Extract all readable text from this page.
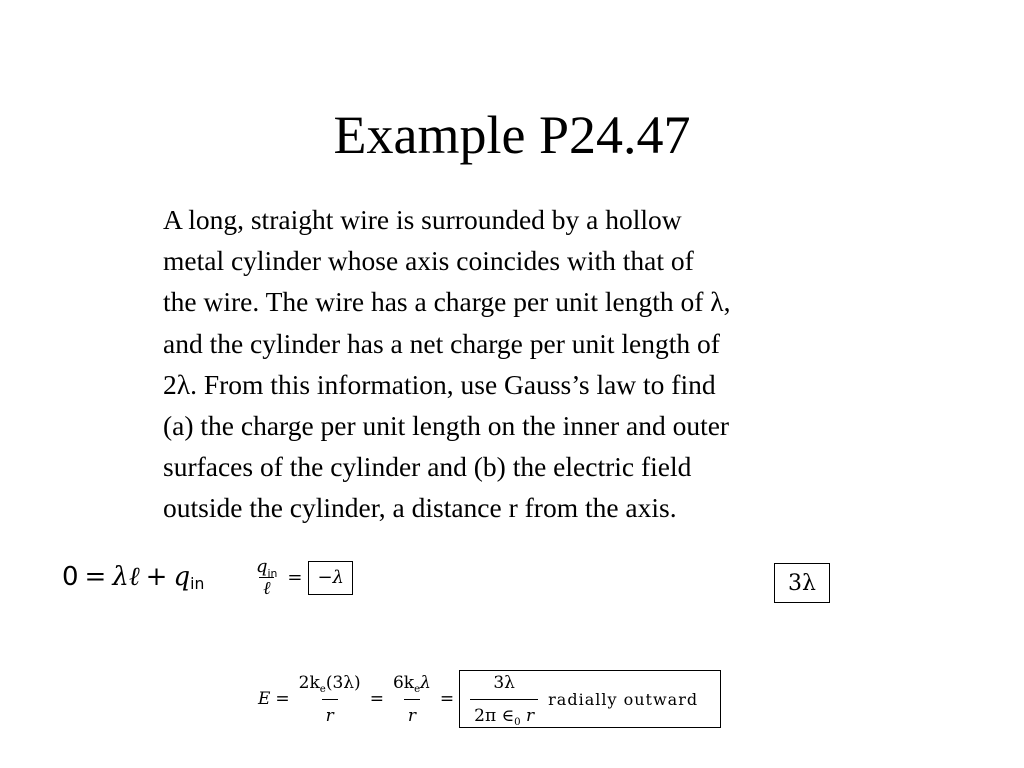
Example P24.47
A long, straight wire is surrounded by a hollow
metal cylinder whose axis coincides with that of
the wire. The wire has a charge per unit length of λ,
and the cylinder has a net charge per unit length of
2λ. From this information, use Gauss’s law to find
(a) the charge per unit length on the inner and outer
surfaces of the cylinder and (b) the electric field
outside the cylinder, a distance r from the axis.
0 = λ ℓ + q in	$\frac{q_{in}}{\text{ℓ}} = -\lambda$	3λ
$E = \frac{2k_e(3\lambda)}{r} = \frac{6k_e\lambda}{r} = \frac{3\lambda}{2\pi \in_0 r}$ radially outward
